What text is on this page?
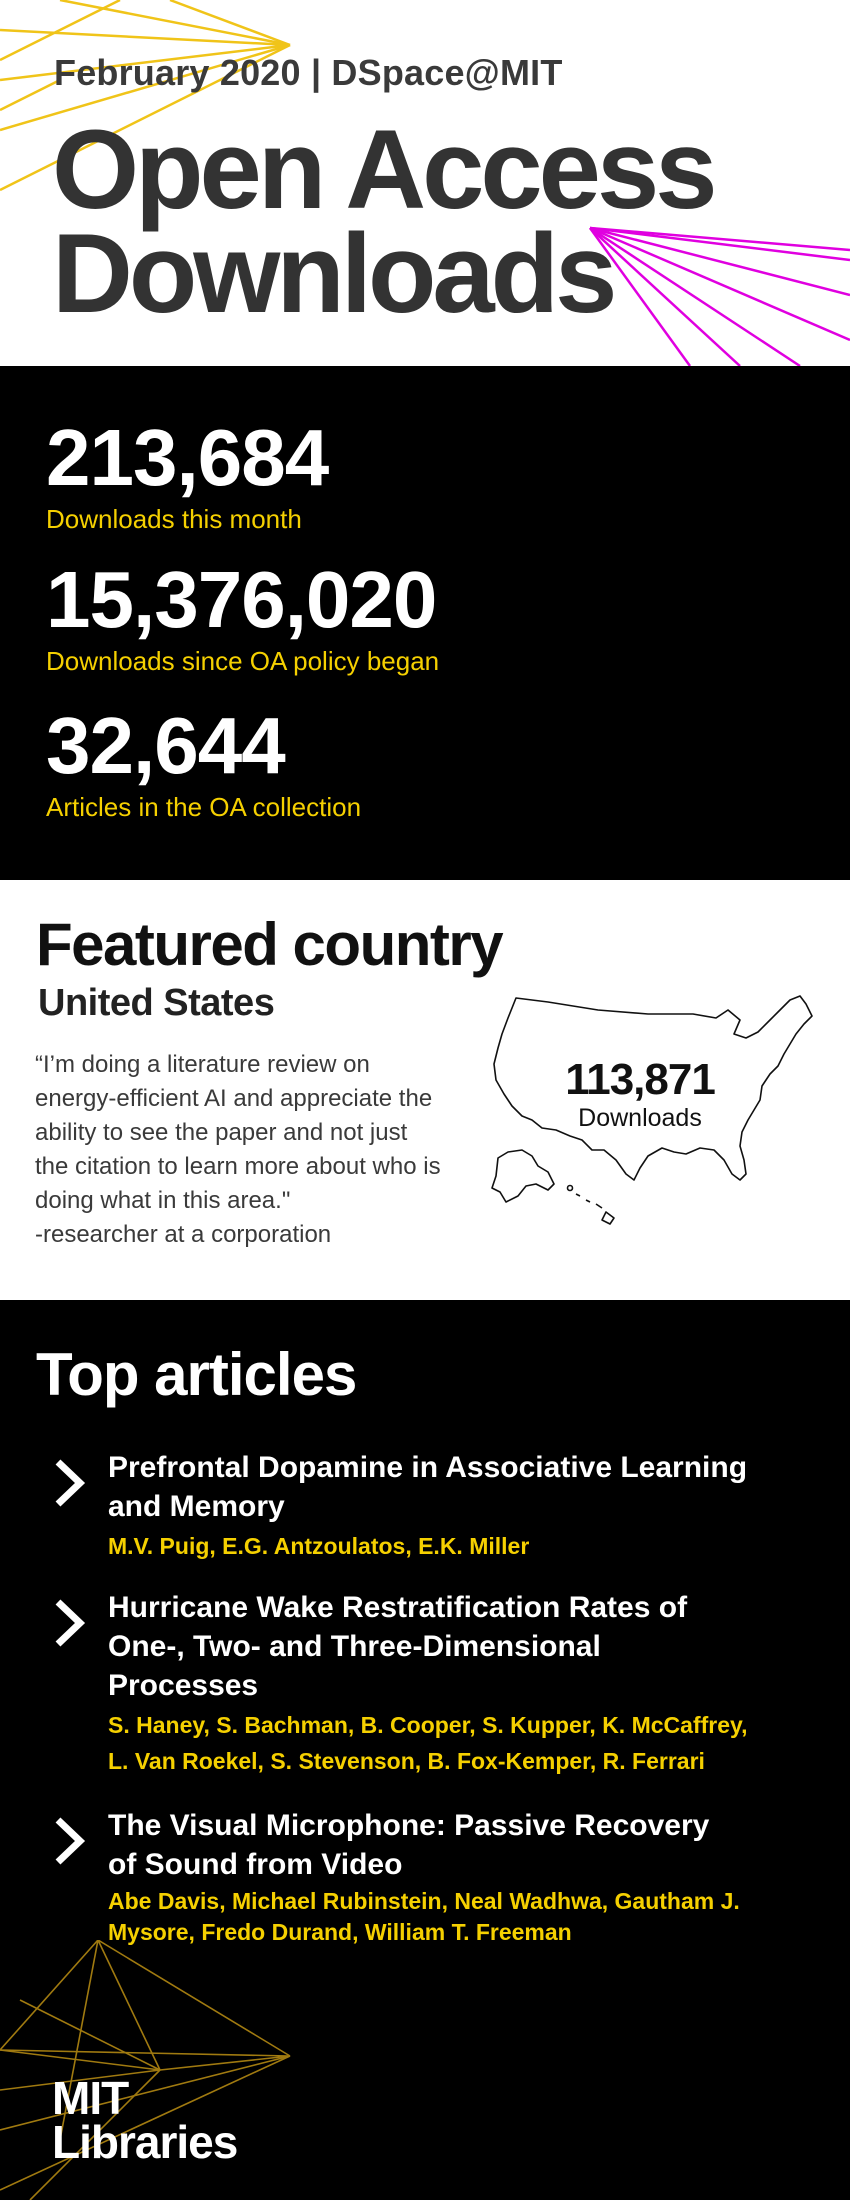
February 2020 | DSpace@MIT
Open Access
Downloads
213,684
Downloads this month
15,376,020
Downloads since OA policy began
32,644
Articles in the OA collection
Featured country
United States
“I’m doing a literature review on
energy-efficient AI and appreciate the
ability to see the paper and not just
the citation to learn more about who is
doing what in this area."
-researcher at a corporation
113,871
Downloads
Top articles
Prefrontal Dopamine in Associative Learning
and Memory
M.V. Puig, E.G. Antzoulatos, E.K. Miller
Hurricane Wake Restratification Rates of
One-, Two- and Three-Dimensional
Processes
S. Haney, S. Bachman, B. Cooper, S. Kupper, K. McCaffrey,
L. Van Roekel, S. Stevenson, B. Fox-Kemper, R. Ferrari
The Visual Microphone: Passive Recovery
of Sound from Video
Abe Davis, Michael Rubinstein, Neal Wadhwa, Gautham J.
Mysore, Fredo Durand, William T. Freeman
MIT
Libraries
